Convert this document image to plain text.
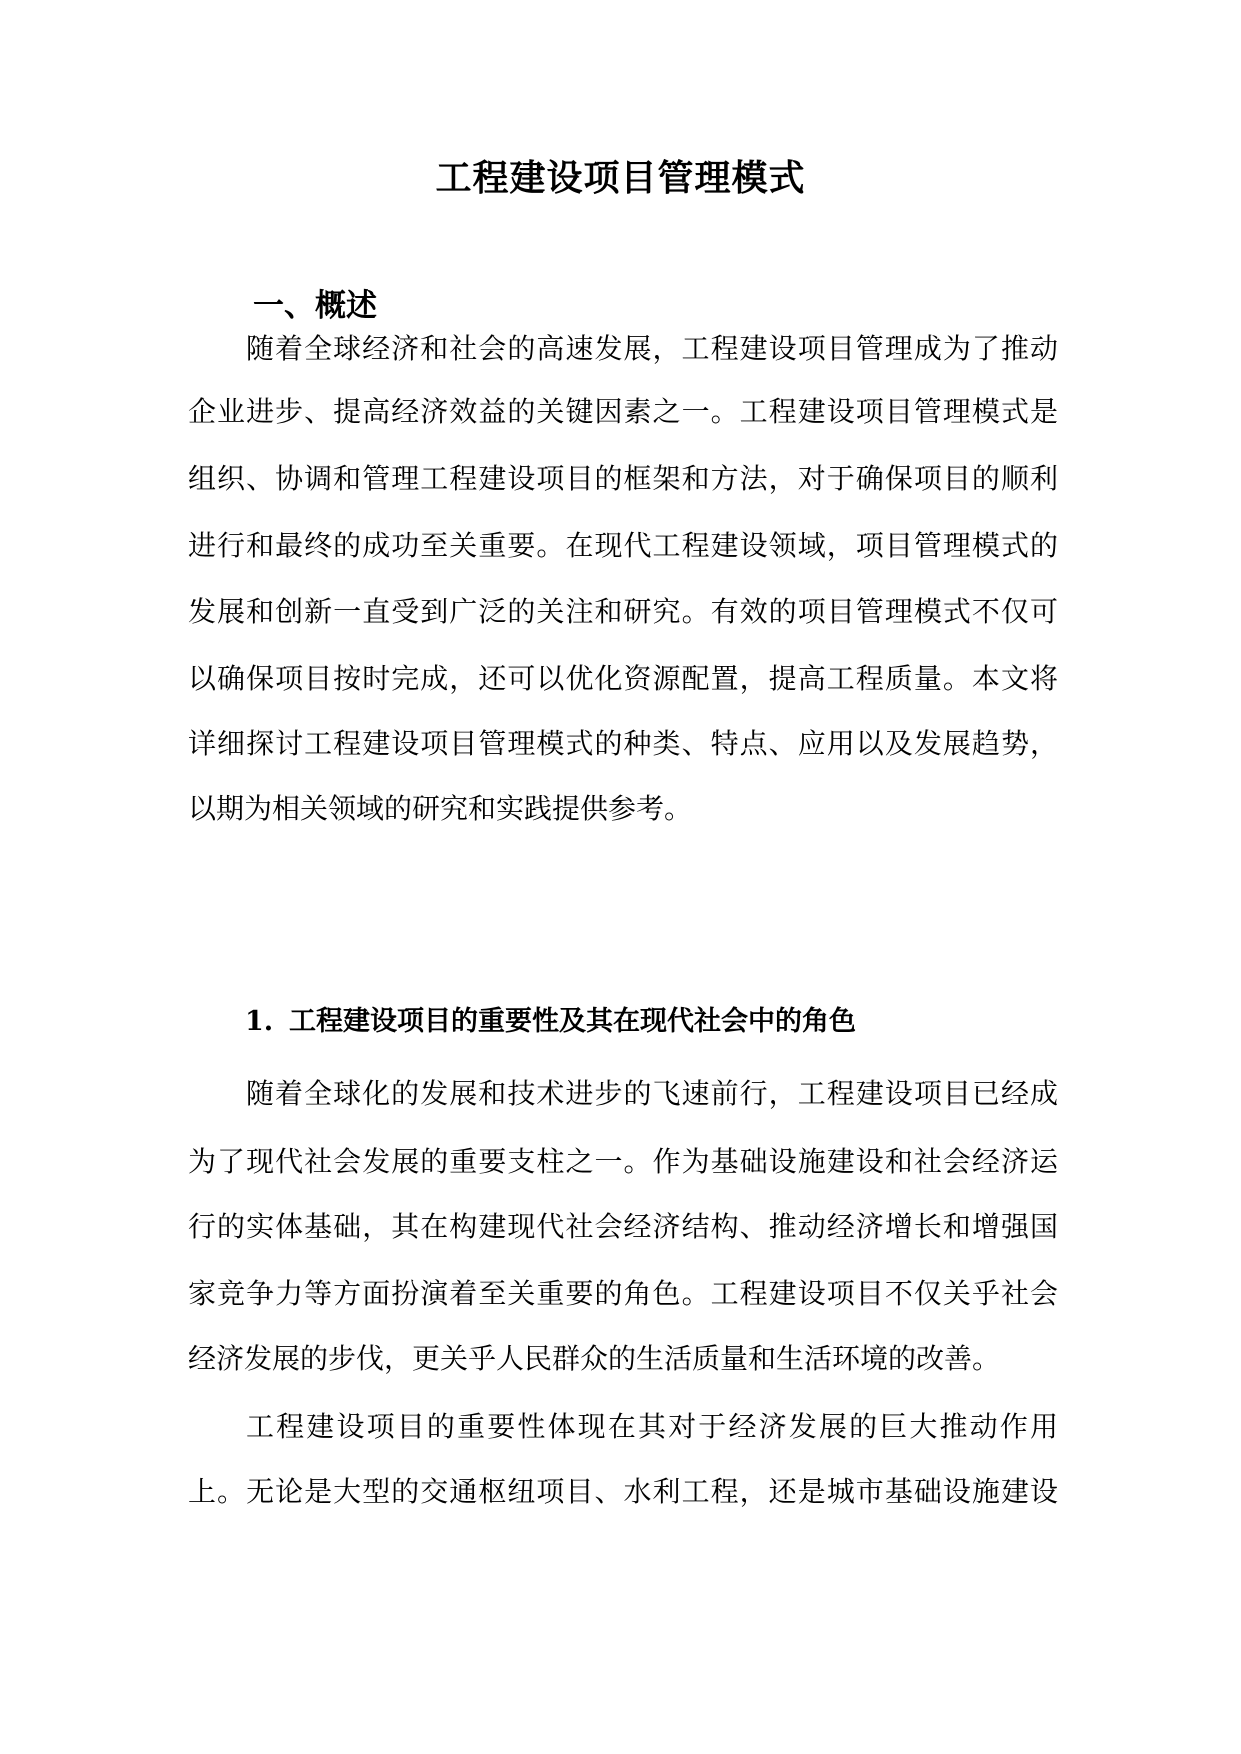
工程建设项目管理模式
一、概述

随着全球经济和社会的高速发展，工程建设项目管理成为了推动

企业进步、提高经济效益的关键因素之一。工程建设项目管理模式是

组织、协调和管理工程建设项目的框架和方法，对于确保项目的顺利

进行和最终的成功至关重要。在现代工程建设领域，项目管理模式的

发展和创新一直受到广泛的关注和研究。有效的项目管理模式不仅可

以确保项目按时完成，还可以优化资源配置，提高工程质量。本文将

详细探讨工程建设项目管理模式的种类、特点、应用以及发展趋势，

以期为相关领域的研究和实践提供参考。

1. 工程建设项目的重要性及其在现代社会中的角色

随着全球化的发展和技术进步的飞速前行，工程建设项目已经成

为了现代社会发展的重要支柱之一。作为基础设施建设和社会经济运

行的实体基础，其在构建现代社会经济结构、推动经济增长和增强国

家竞争力等方面扮演着至关重要的角色。工程建设项目不仅关乎社会

经济发展的步伐，更关乎人民群众的生活质量和生活环境的改善。

工程建设项目的重要性体现在其对于经济发展的巨大推动作用

上。无论是大型的交通枢纽项目、水利工程，还是城市基础设施建设
